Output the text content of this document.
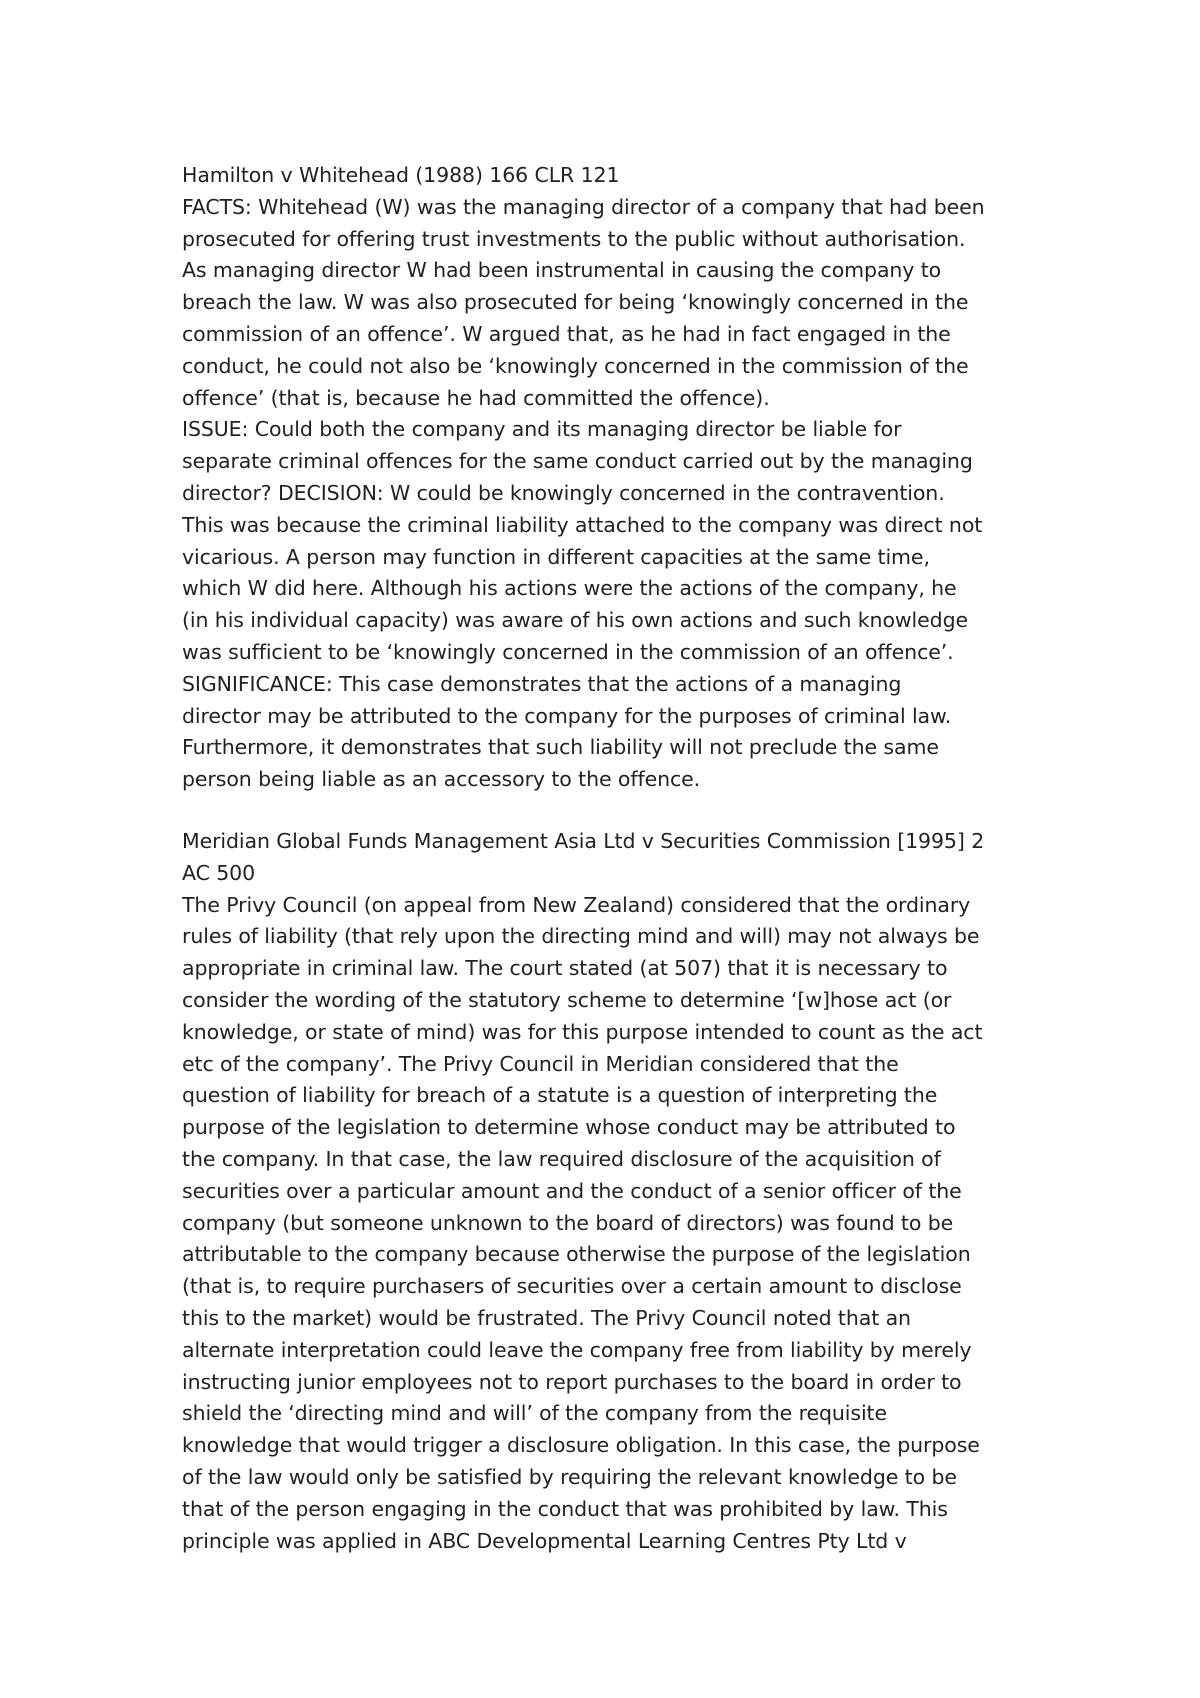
Hamilton v Whitehead (1988) 166 CLR 121
FACTS: Whitehead (W) was the managing director of a company that had been
prosecuted for offering trust investments to the public without authorisation.
As managing director W had been instrumental in causing the company to
breach the law. W was also prosecuted for being ‘knowingly concerned in the
commission of an offence’. W argued that, as he had in fact engaged in the
conduct, he could not also be ‘knowingly concerned in the commission of the
offence’ (that is, because he had committed the offence).
ISSUE: Could both the company and its managing director be liable for
separate criminal offences for the same conduct carried out by the managing
director? DECISION: W could be knowingly concerned in the contravention.
This was because the criminal liability attached to the company was direct not
vicarious. A person may function in different capacities at the same time,
which W did here. Although his actions were the actions of the company, he
(in his individual capacity) was aware of his own actions and such knowledge
was sufficient to be ‘knowingly concerned in the commission of an offence’.
SIGNIFICANCE: This case demonstrates that the actions of a managing
director may be attributed to the company for the purposes of criminal law.
Furthermore, it demonstrates that such liability will not preclude the same
person being liable as an accessory to the offence.
Meridian Global Funds Management Asia Ltd v Securities Commission [1995] 2
AC 500
The Privy Council (on appeal from New Zealand) considered that the ordinary
rules of liability (that rely upon the directing mind and will) may not always be
appropriate in criminal law. The court stated (at 507) that it is necessary to
consider the wording of the statutory scheme to determine ‘[w]hose act (or
knowledge, or state of mind) was for this purpose intended to count as the act
etc of the company’. The Privy Council in Meridian considered that the
question of liability for breach of a statute is a question of interpreting the
purpose of the legislation to determine whose conduct may be attributed to
the company. In that case, the law required disclosure of the acquisition of
securities over a particular amount and the conduct of a senior officer of the
company (but someone unknown to the board of directors) was found to be
attributable to the company because otherwise the purpose of the legislation
(that is, to require purchasers of securities over a certain amount to disclose
this to the market) would be frustrated. The Privy Council noted that an
alternate interpretation could leave the company free from liability by merely
instructing junior employees not to report purchases to the board in order to
shield the ‘directing mind and will’ of the company from the requisite
knowledge that would trigger a disclosure obligation. In this case, the purpose
of the law would only be satisfied by requiring the relevant knowledge to be
that of the person engaging in the conduct that was prohibited by law. This
principle was applied in ABC Developmental Learning Centres Pty Ltd v
